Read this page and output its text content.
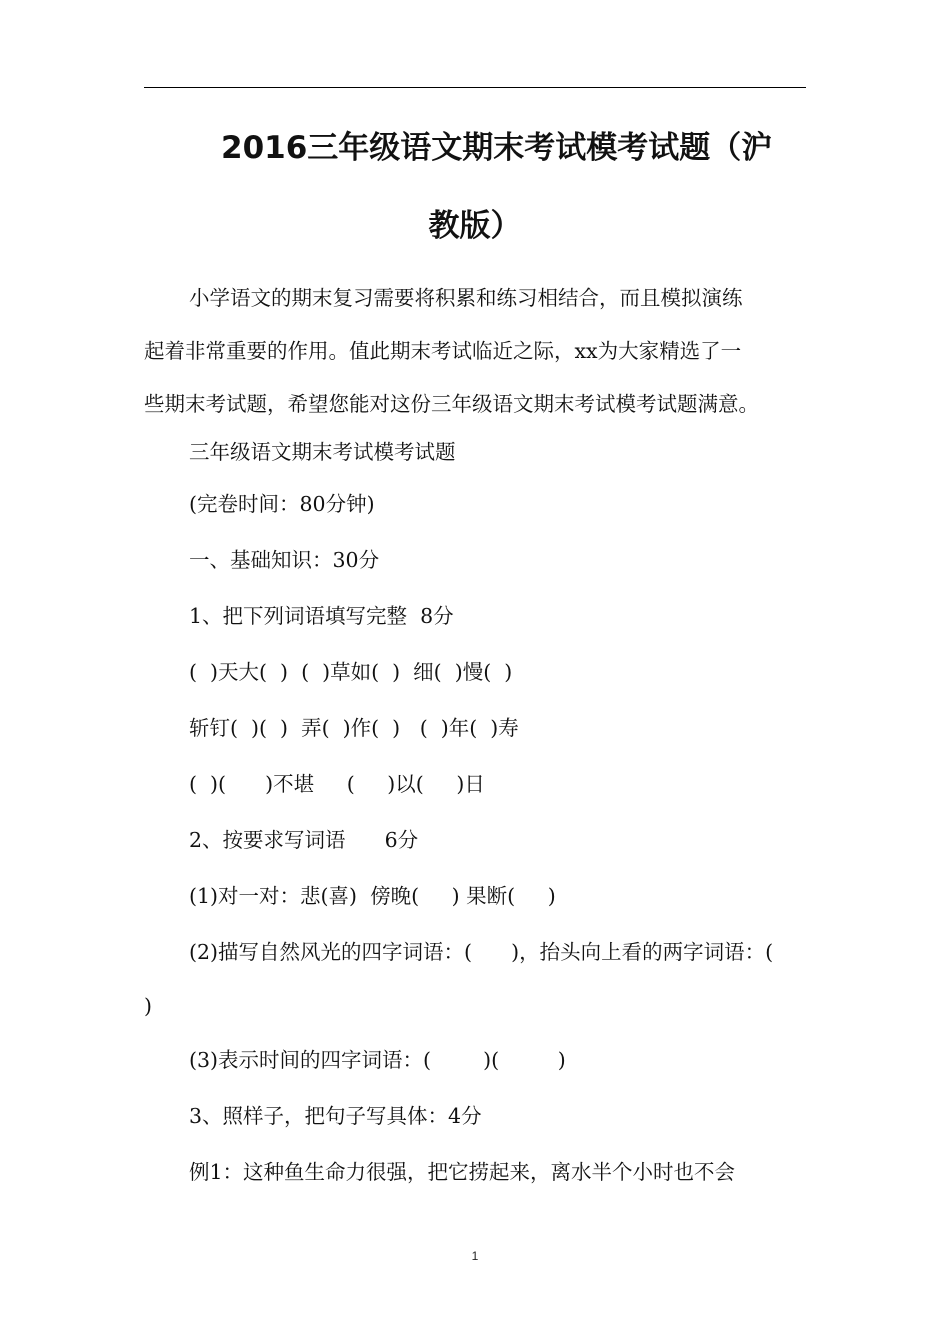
2016三年级语文期末考试模考试题（沪
教版）
小学语文的期末复习需要将积累和练习相结合，而且模拟演练
起着非常重要的作用。值此期末考试临近之际，xx为大家精选了一
些期末考试题，希望您能对这份三年级语文期末考试模考试题满意。
三年级语文期末考试模考试题
(完卷时间：80分钟)
一、基础知识：30分
1、把下列词语填写完整  8分
(  )天大(  )  (  )草如(  )  细(  )慢(  )
斩钉(  )(  )  弄(  )作(  )   (  )年(  )寿
(  )(      )不堪     (     )以(     )日
2、按要求写词语      6分
(1)对一对：悲(喜)  傍晚(     ) 果断(     )
(2)描写自然风光的四字词语：(      )，抬头向上看的两字词语：(
)
(3)表示时间的四字词语：(        )(         )
3、照样子，把句子写具体：4分
例1：这种鱼生命力很强，把它捞起来，离水半个小时也不会
1
